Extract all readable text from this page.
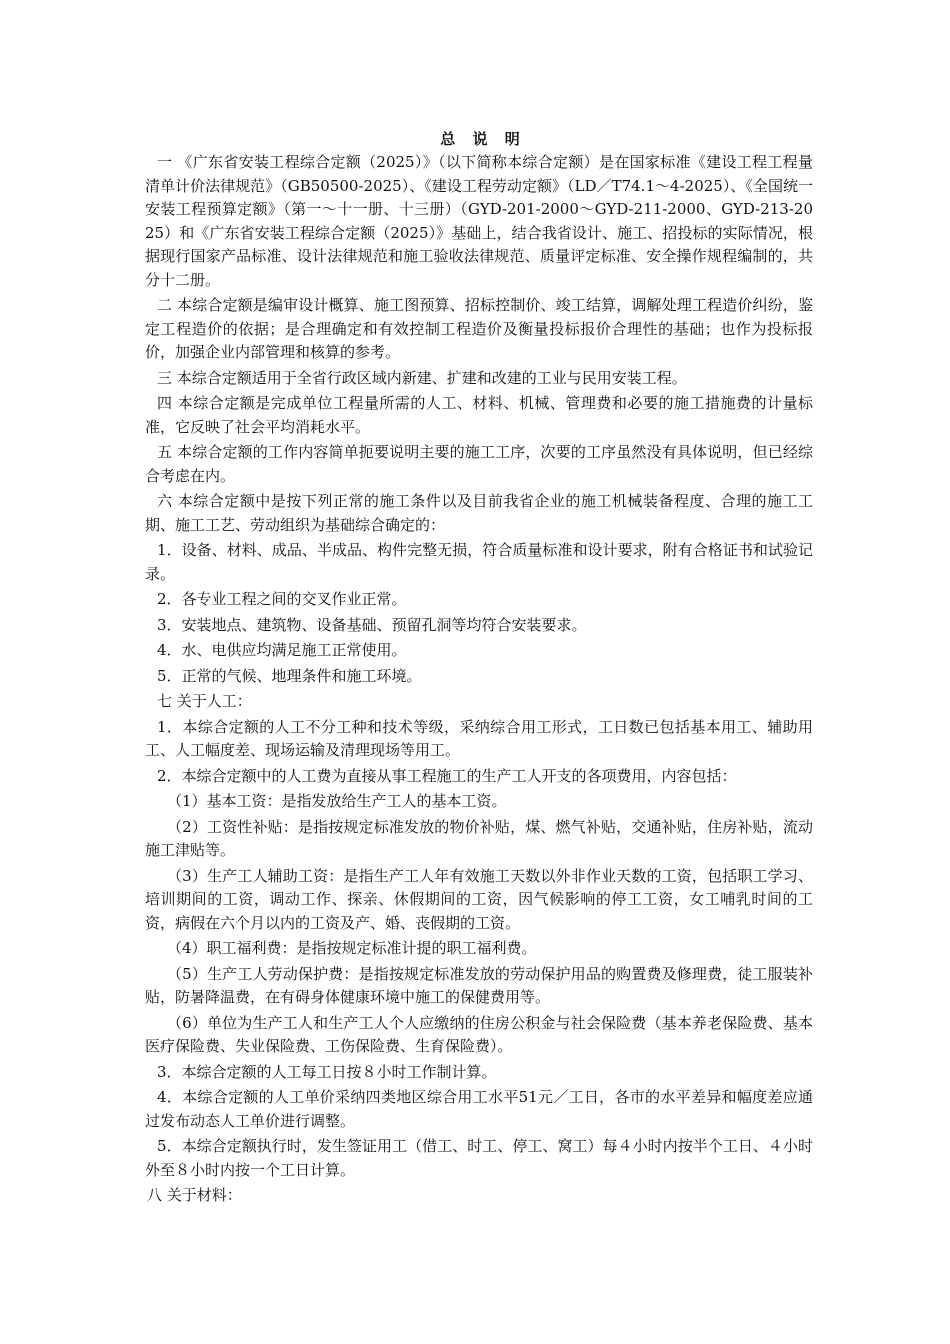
总 说 明
一 《广东省安装工程综合定额（2025）》（以下简称本综合定额）是在国家标准《建设工程工程量清单计价法律规范》（GB50500-2025）、《建设工程劳动定额》（LD／T74.1～4-2025）、《全国统一安装工程预算定额》（第一～十一册、十三册）（GYD-201-2000～GYD-211-2000、GYD-213-2025）和《广东省安装工程综合定额（2025）》基础上，结合我省设计、施工、招投标的实际情况，根据现行国家产品标准、设计法律规范和施工验收法律规范、质量评定标准、安全操作规程编制的，共分十二册。
二 本综合定额是编审设计概算、施工图预算、招标控制价、竣工结算，调解处理工程造价纠纷，鉴定工程造价的依据；是合理确定和有效控制工程造价及衡量投标报价合理性的基础；也作为投标报价，加强企业内部管理和核算的参考。
三 本综合定额适用于全省行政区域内新建、扩建和改建的工业与民用安装工程。
四 本综合定额是完成单位工程量所需的人工、材料、机械、管理费和必要的施工措施费的计量标准，它反映了社会平均消耗水平。
五 本综合定额的工作内容简单扼要说明主要的施工工序，次要的工序虽然没有具体说明，但已经综合考虑在内。
六 本综合定额中是按下列正常的施工条件以及目前我省企业的施工机械装备程度、合理的施工工期、施工工艺、劳动组织为基础综合确定的：
1．设备、材料、成品、半成品、构件完整无损，符合质量标准和设计要求，附有合格证书和试验记录。
2．各专业工程之间的交叉作业正常。
3．安装地点、建筑物、设备基础、预留孔洞等均符合安装要求。
4．水、电供应均满足施工正常使用。
5．正常的气候、地理条件和施工环境。
七 关于人工：
1．本综合定额的人工不分工种和技术等级，采纳综合用工形式，工日数已包括基本用工、辅助用工、人工幅度差、现场运输及清理现场等用工。
2．本综合定额中的人工费为直接从事工程施工的生产工人开支的各项费用，内容包括：
（1）基本工资：是指发放给生产工人的基本工资。
（2）工资性补贴：是指按规定标准发放的物价补贴，煤、燃气补贴，交通补贴，住房补贴，流动施工津贴等。
（3）生产工人辅助工资：是指生产工人年有效施工天数以外非作业天数的工资，包括职工学习、培训期间的工资，调动工作、探亲、休假期间的工资，因气候影响的停工工资，女工哺乳时间的工资，病假在六个月以内的工资及产、婚、丧假期的工资。
（4）职工福利费：是指按规定标准计提的职工福利费。
（5）生产工人劳动保护费：是指按规定标准发放的劳动保护用品的购置费及修理费，徒工服装补贴，防暑降温费，在有碍身体健康环境中施工的保健费用等。
（6）单位为生产工人和生产工人个人应缴纳的住房公积金与社会保险费（基本养老保险费、基本医疗保险费、失业保险费、工伤保险费、生育保险费）。
3．本综合定额的人工每工日按８小时工作制计算。
4．本综合定额的人工单价采纳四类地区综合用工水平51元／工日，各市的水平差异和幅度差应通过发布动态人工单价进行调整。
5．本综合定额执行时，发生签证用工（借工、时工、停工、窝工）每４小时内按半个工日、４小时外至８小时内按一个工日计算。
八 关于材料：
